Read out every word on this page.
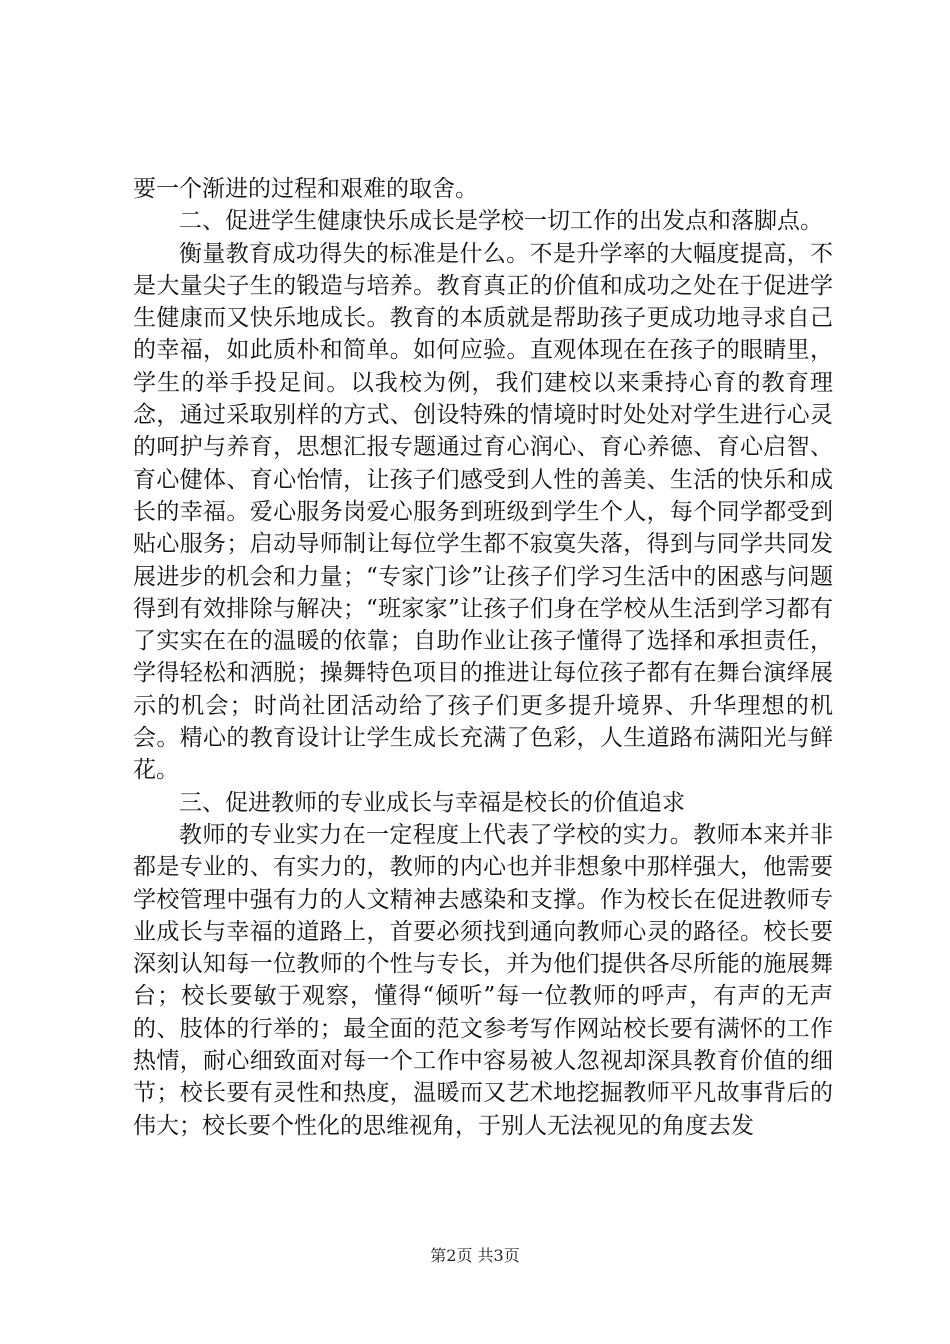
要一个渐进的过程和艰难的取舍。

二、促进学生健康快乐成长是学校一切工作的出发点和落脚点。

衡量教育成功得失的标准是什么。不是升学率的大幅度提高，不是大量尖子生的锻造与培养。教育真正的价值和成功之处在于促进学生健康而又快乐地成长。教育的本质就是帮助孩子更成功地寻求自己的幸福，如此质朴和简单。如何应验。直观体现在在孩子的眼睛里，学生的举手投足间。以我校为例，我们建校以来秉持心育的教育理念，通过采取别样的方式、创设特殊的情境时时处处对学生进行心灵的呵护与养育，思想汇报专题通过育心润心、育心养德、育心启智、育心健体、育心怡情，让孩子们感受到人性的善美、生活的快乐和成长的幸福。爱心服务岗爱心服务到班级到学生个人，每个同学都受到贴心服务；启动导师制让每位学生都不寂寞失落，得到与同学共同发展进步的机会和力量；“专家门诊”让孩子们学习生活中的困惑与问题得到有效排除与解决；“班家家”让孩子们身在学校从生活到学习都有了实实在在的温暖的依靠；自助作业让孩子懂得了选择和承担责任，学得轻松和洒脱；操舞特色项目的推进让每位孩子都有在舞台演绎展示的机会；时尚社团活动给了孩子们更多提升境界、升华理想的机会。精心的教育设计让学生成长充满了色彩，人生道路布满阳光与鲜花。

三、促进教师的专业成长与幸福是校长的价值追求

教师的专业实力在一定程度上代表了学校的实力。教师本来并非都是专业的、有实力的，教师的内心也并非想象中那样强大，他需要学校管理中强有力的人文精神去感染和支撑。作为校长在促进教师专业成长与幸福的道路上，首要必须找到通向教师心灵的路径。校长要深刻认知每一位教师的个性与专长，并为他们提供各尽所能的施展舞台；校长要敏于观察，懂得“倾听”每一位教师的呼声，有声的无声的、肢体的行举的；最全面的范文参考写作网站校长要有满怀的工作热情，耐心细致面对每一个工作中容易被人忽视却深具教育价值的细节；校长要有灵性和热度，温暖而又艺术地挖掘教师平凡故事背后的伟大；校长要个性化的思维视角，于别人无法视见的角度去发

第2页 共3页
